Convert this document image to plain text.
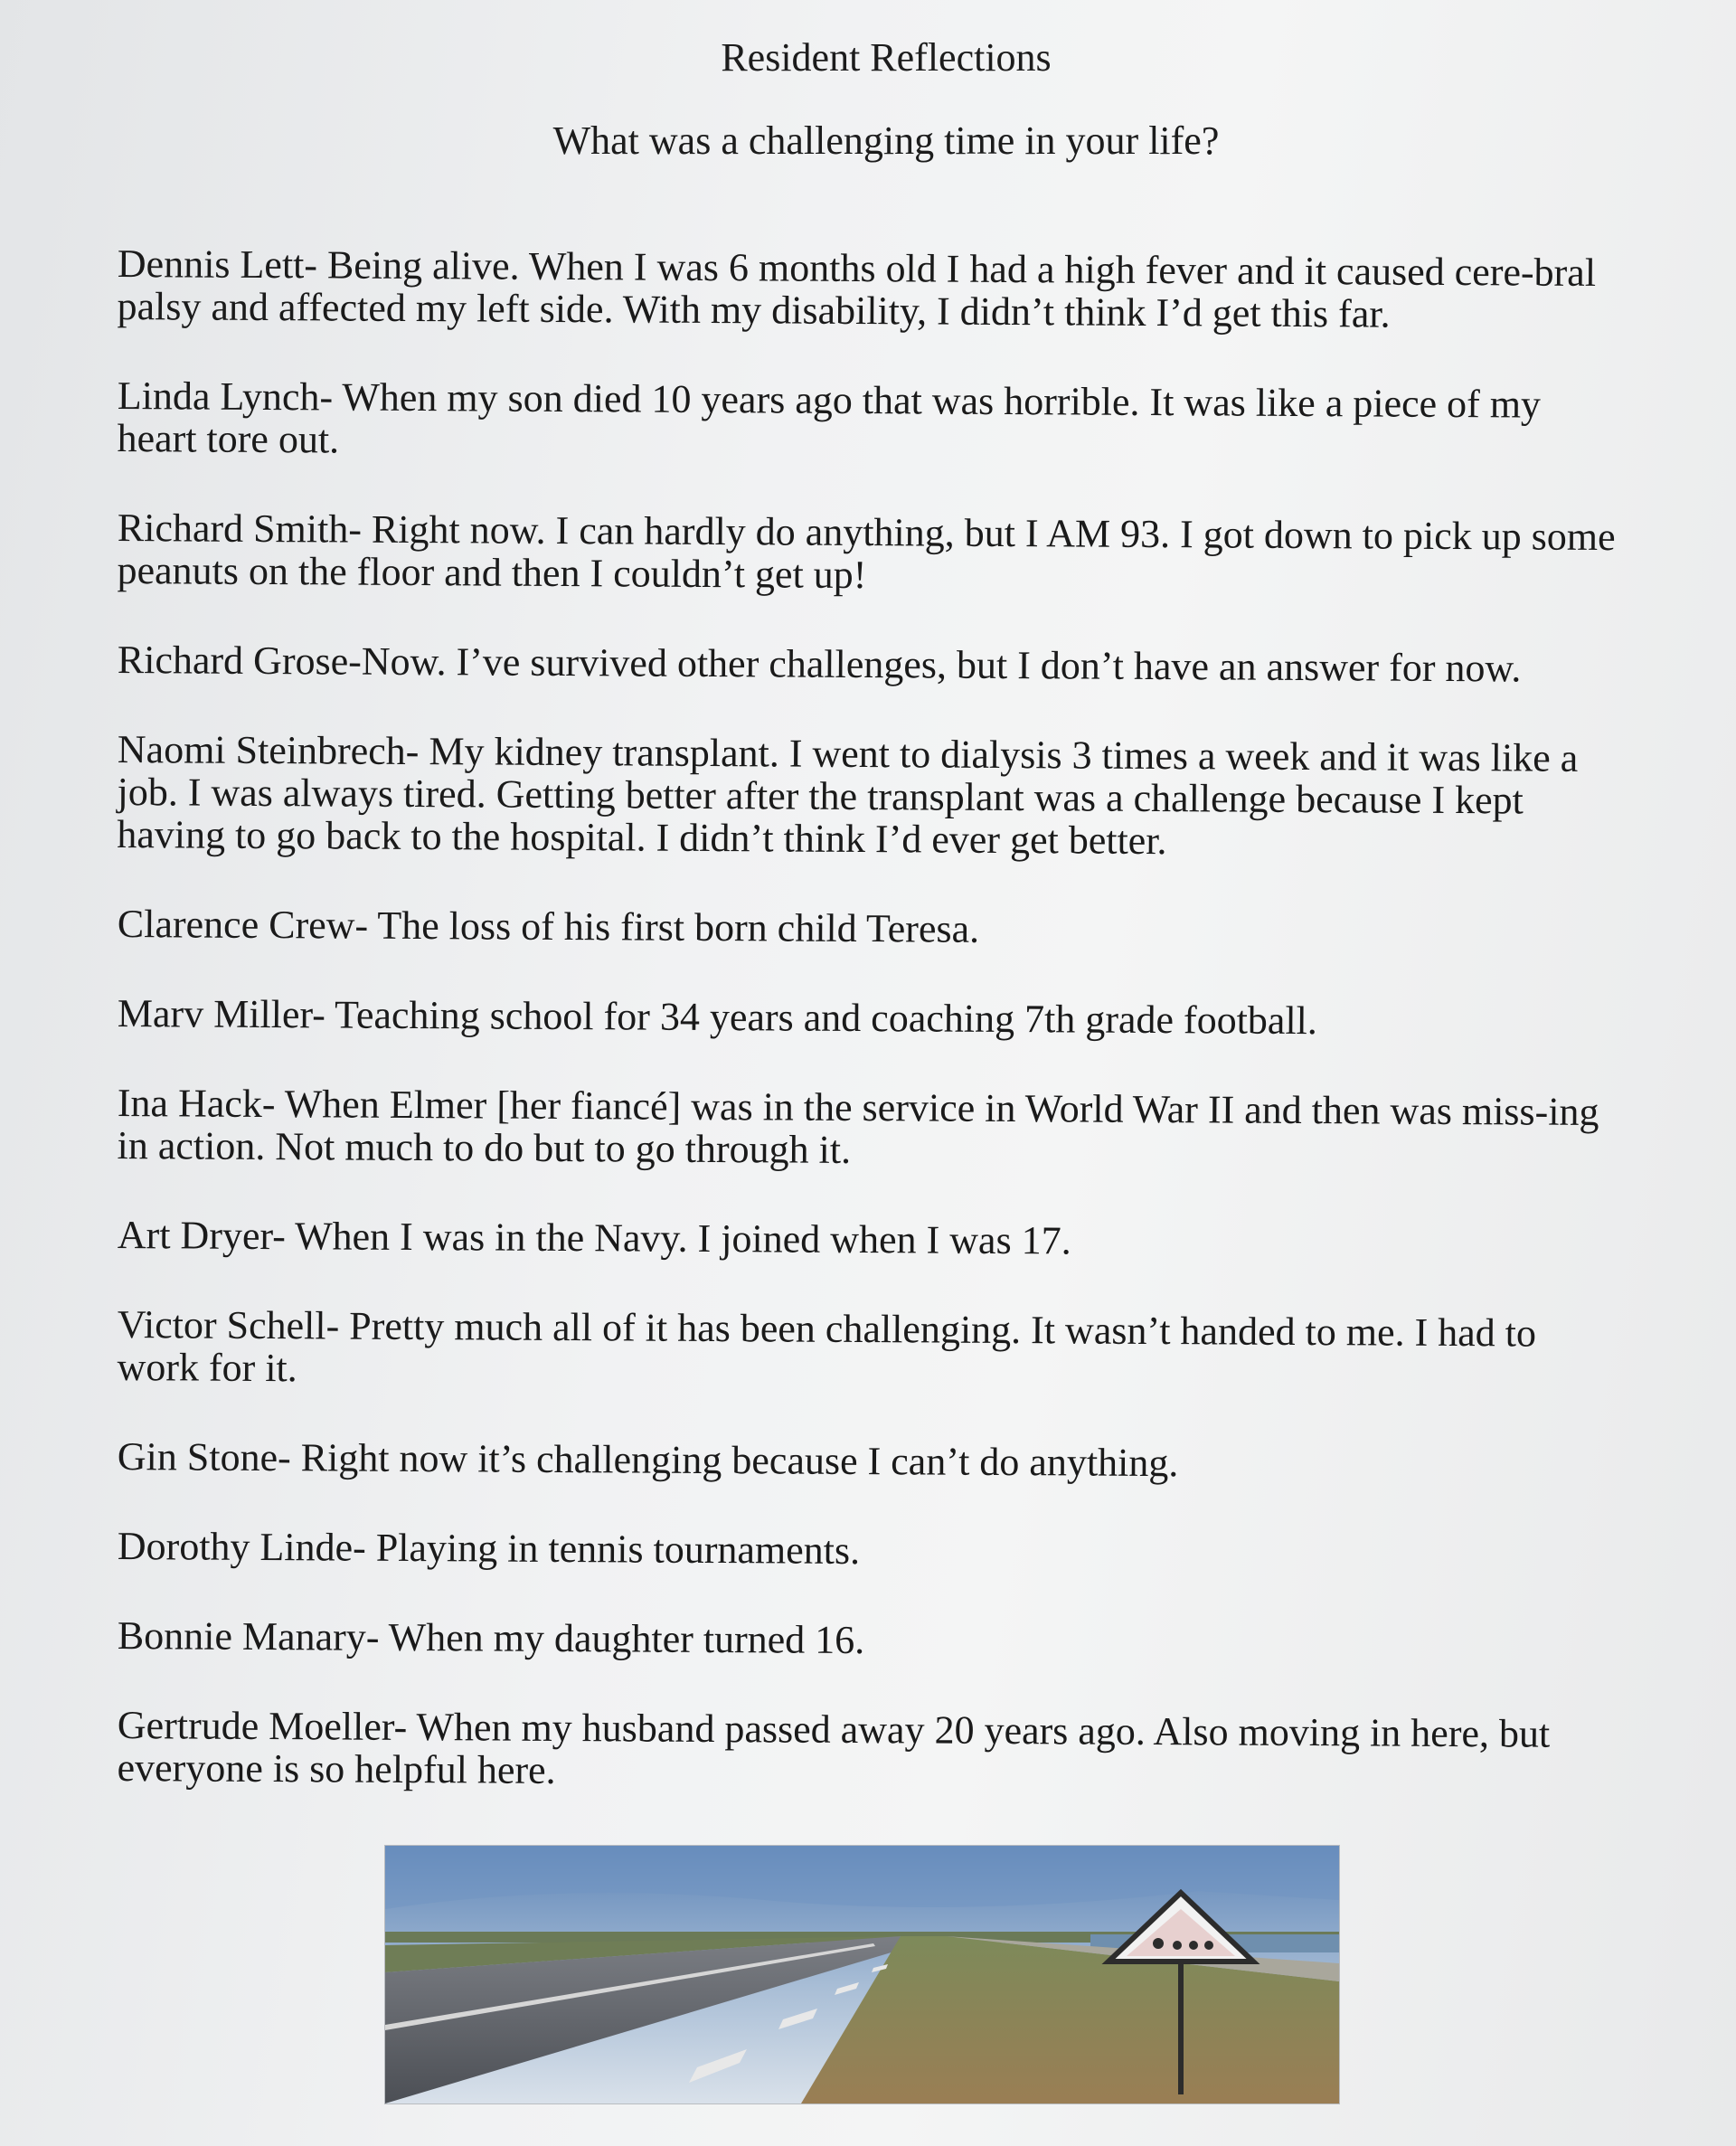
Resident Reflections
What was a challenging time in your life?

Dennis Lett- Being alive. When I was 6 months old I had a high fever and it caused cere-bral palsy and affected my left side. With my disability, I didn’t think I’d get this far.

Linda Lynch- When my son died 10 years ago that was horrible. It was like a piece of my heart tore out.

Richard Smith- Right now. I can hardly do anything, but I AM 93. I got down to pick up some peanuts on the floor and then I couldn’t get up!

Richard Grose-Now. I’ve survived other challenges, but I don’t have an answer for now.

Naomi Steinbrech- My kidney transplant. I went to dialysis 3 times a week and it was like a job. I was always tired. Getting better after the transplant was a challenge because I kept having to go back to the hospital. I didn’t think I’d ever get better.

Clarence Crew- The loss of his first born child Teresa.

Marv Miller- Teaching school for 34 years and coaching 7th grade football.

Ina Hack- When Elmer [her fiancé] was in the service in World War II and then was miss-ing in action. Not much to do but to go through it.

Art Dryer- When I was in the Navy. I joined when I was 17.

Victor Schell- Pretty much all of it has been challenging. It wasn’t handed to me. I had to work for it.

Gin Stone- Right now it’s challenging because I can’t do anything.

Dorothy Linde- Playing in tennis tournaments.

Bonnie Manary- When my daughter turned 16.

Gertrude Moeller- When my husband passed away 20 years ago. Also moving in here, but everyone is so helpful here.
